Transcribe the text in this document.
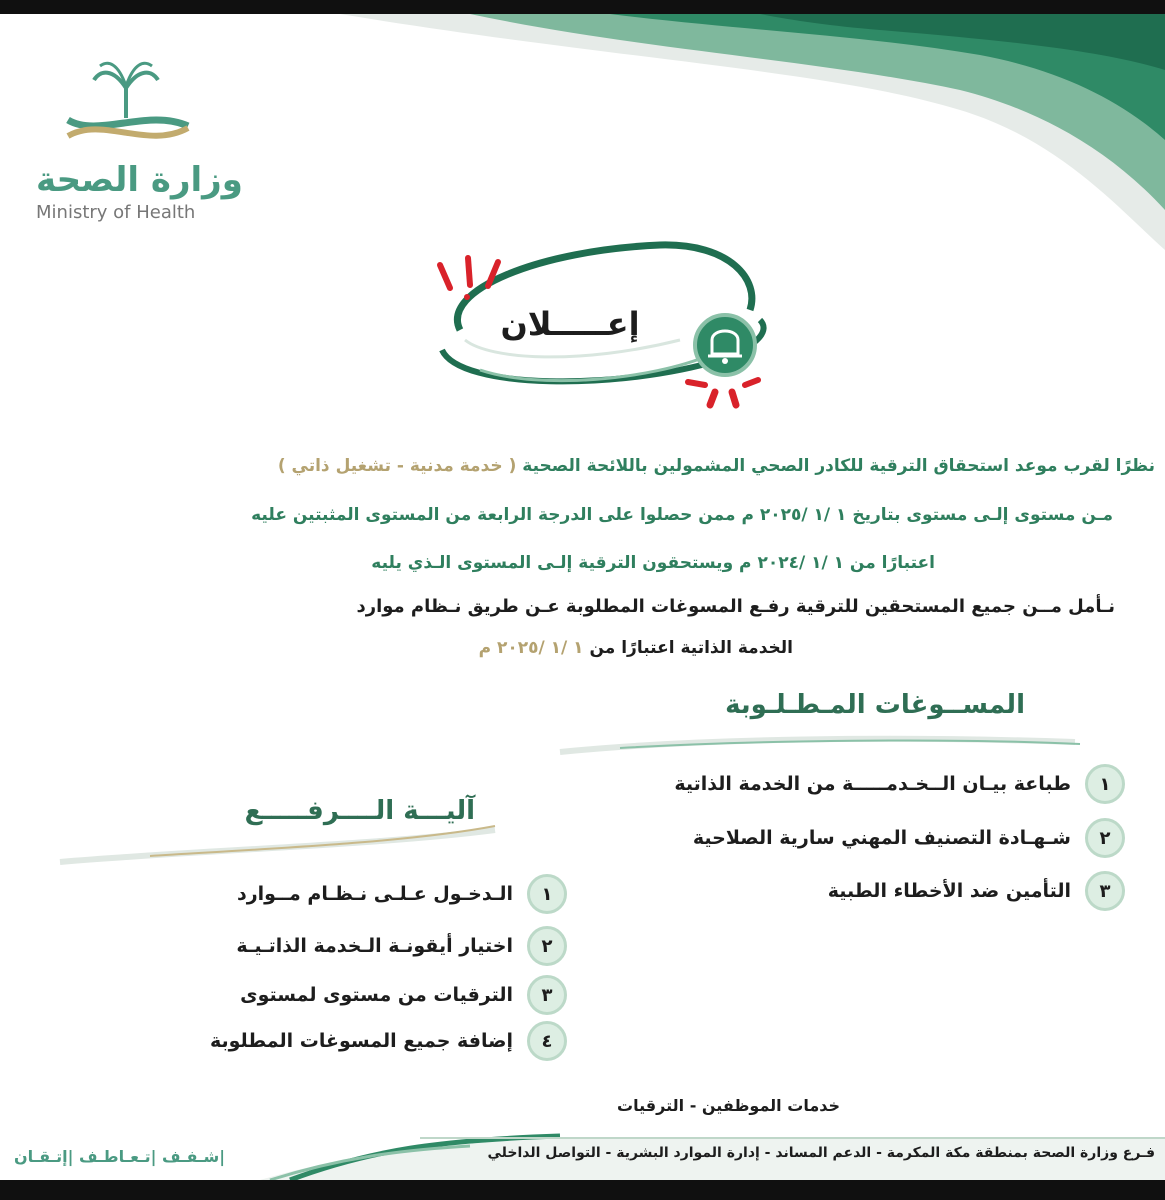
وزارة الصحة
Ministry of Health
إعـــــلان
نظرًا لقرب موعد استحقاق الترقية للكادر الصحي المشمولين باللائحة الصحية ( خدمة مدنية - تشغيل ذاتي )
مـن مستوى إلـى مستوى بتاريخ ١ /١ /٢٠٢٥ م ممن حصلوا على الدرجة الرابعة من المستوى المثبتين عليه
اعتبارًا من ١ /١ /٢٠٢٤ م ويستحقون الترقية إلـى المستوى الـذي يليه
نـأمل مــن جميع المستحقين للترقية رفـع المسوغات المطلوبة عـن طريق نـظام موارد
الخدمة الذاتية اعتبارًا من ١ /١ /٢٠٢٥ م
المســوغات المـطـلـوبة
١
طباعة بيـان الــخـدمـــــة من الخدمة الذاتية
٢
شـهـادة التصنيف المهني سارية الصلاحية
٣
التأمين ضد الأخطاء الطبية
آليـــة الــــرفـــــع
١
الـدخـول عـلـى نـظـام مــوارد
٢
اختيار أيقونـة الـخدمة الذاتـيـة
٣
الترقيات من مستوى لمستوى
٤
إضافة جميع المسوغات المطلوبة
خدمات الموظفين - الترقيات
فـرع وزارة الصحة بمنطقة مكة المكرمة - الدعم المساند - إدارة الموارد البشرية - التواصل الداخلي
|شـفـف |تـعـاطـف |إتـقـان
